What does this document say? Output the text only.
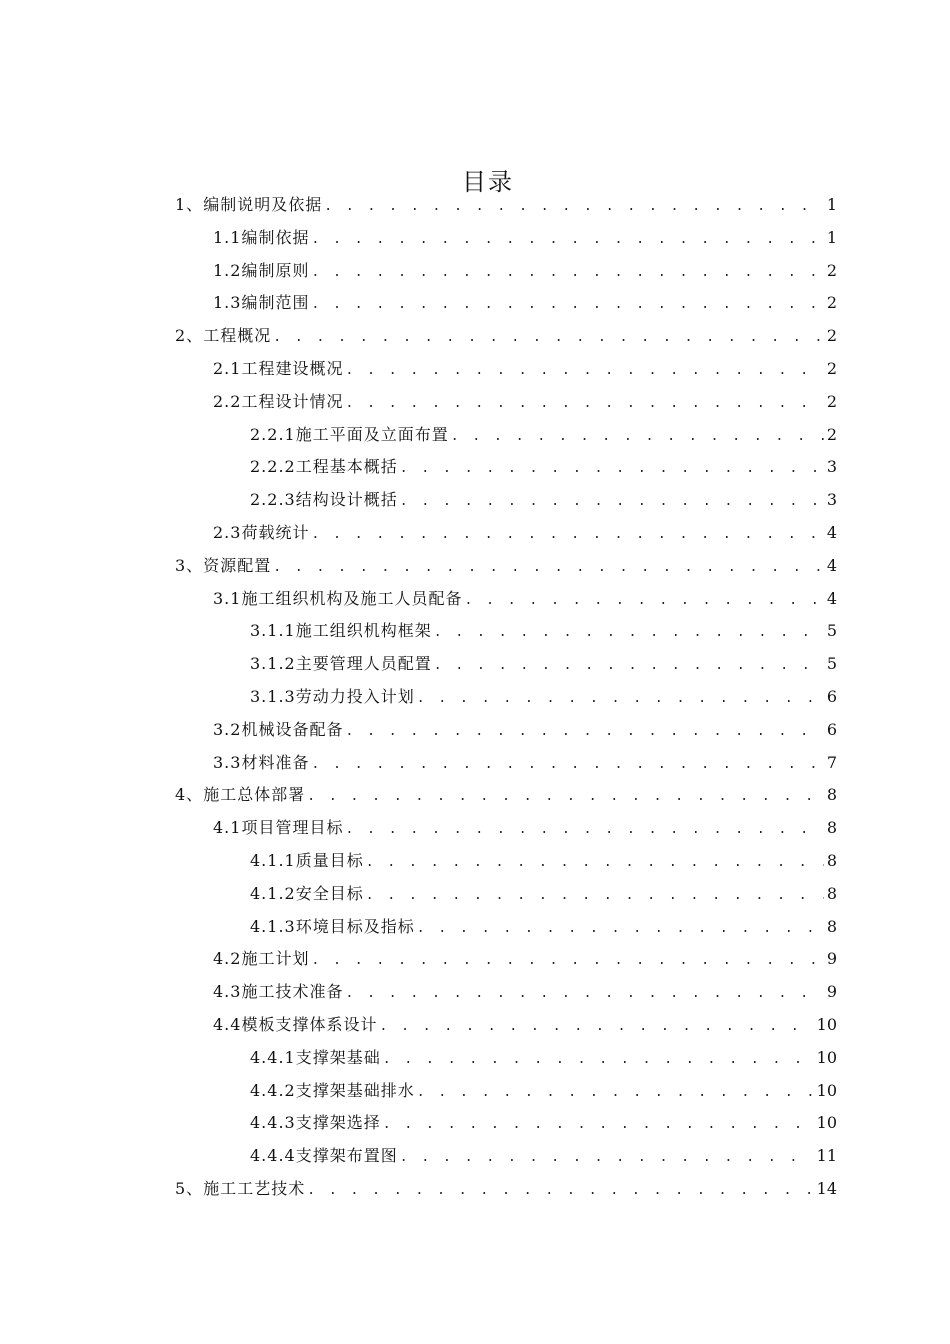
目录
1、 编制说明及依据 . . .	1
1.1 编制依据 . . .	1
1.2 编制原则 . . .	2
1.3 编制范围 . . .	2
2、 工程概况 . . .	2
2.1 工程建设概况 . . .	2
2.2 工程设计情况 . . .	2
2.2.1 施工平面及立面布置 . . .	2
2.2.2 工程基本概括 . . .	3
2.2.3 结构设计概括 . . .	3
2.3 荷载统计 . . .	4
3、 资源配置 . . .	4
3.1 施工组织机构及施工人员配备 . . .	4
3.1.1 施工组织机构框架 . . .	5
3.1.2 主要管理人员配置 . . .	5
3.1.3 劳动力投入计划 . . .	6
3.2 机械设备配备 . . .	6
3.3 材料准备 . . .	7
4、 施工总体部署 . . .	8
4.1 项目管理目标 . . .	8
4.1.1 质量目标 . . .	8
4.1.2 安全目标 . . .	8
4.1.3 环境目标及指标 . . .	8
4.2 施工计划 . . .	9
4.3 施工技术准备 . . .	9
4.4 模板支撑体系设计 . . .	10
4.4.1 支撑架基础 . . .	10
4.4.2 支撑架基础排水 . . .	10
4.4.3 支撑架选择 . . .	10
4.4.4 支撑架布置图 . . .	11
5、 施工工艺技术 . . .	14
